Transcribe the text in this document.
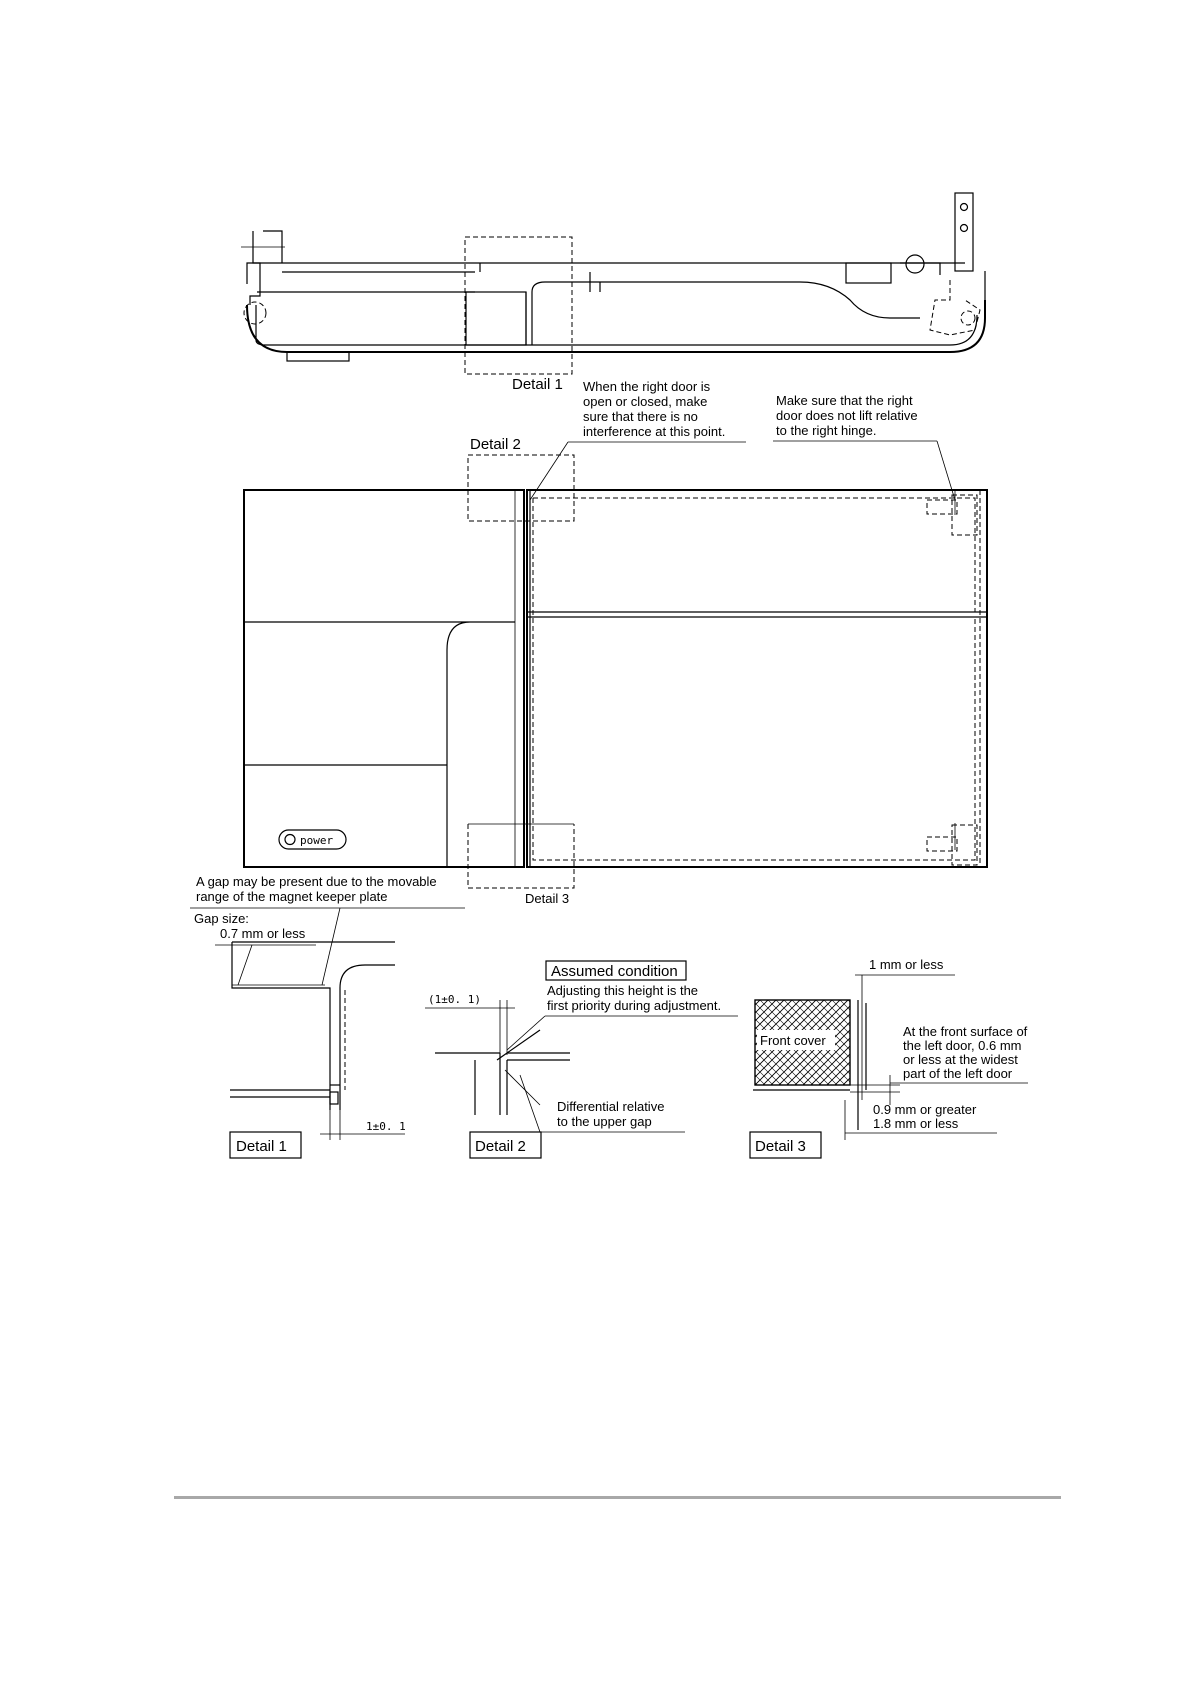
Detail 1 When the right door is
open or closed, make
sure that there is no
interference at this point.
Make sure that the right
door does not lift relative
to the right hinge.
power
Detail 2
Detail 3
A gap may be present due to the movable
range of the magnet keeper plate
Gap size:
0.7 mm or less
1±0. 1
Detail 1
Assumed condition
Adjusting this height is the
first priority during adjustment.
(1±0. 1)
Differential relative
to the upper gap
Detail 2
1 mm or less
Front cover
At the front surface of
the left door, 0.6 mm
or less at the widest
part of the left door
0.9 mm or greater
1.8 mm or less
Detail 3
